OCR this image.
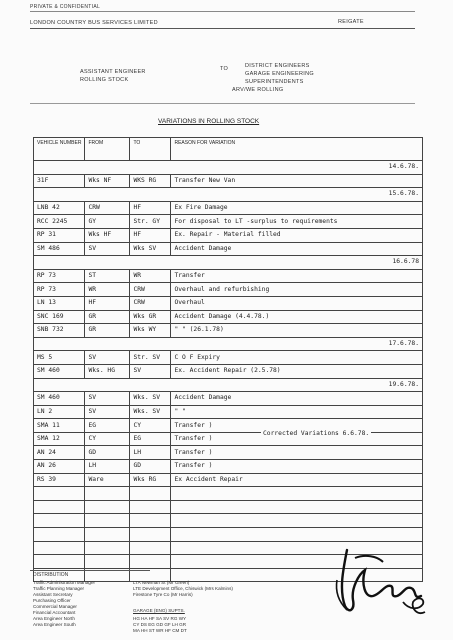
PRIVATE & CONFIDENTIAL
LONDON COUNTRY BUS SERVICES LIMITED	REIGATE
ASSISTANT ENGINEER
ROLLING STOCK
TO	DISTRICT ENGINEERS
GARAGE ENGINEERING
SUPERINTENDENTS
ARV/WE ROLLING
VARIATIONS IN ROLLING STOCK
VEHICLE NUMBER	FROM	TO	REASON FOR VARIATION
14.6.78.			
31F	Wks NF	WKS RG	Transfer New Van
15.6.78.			
LNB 42	CRW	HF	Ex Fire Damage
RCC 2245	GY	Str. GY	For disposal to LT -surplus to requirements
RP 31	Wks HF	HF	Ex. Repair - Material filled
SM 486	SV	Wks SV	Accident Damage
16.6.78			
RP 73	ST	WR	Transfer
RP 73	WR	CRW	Overhaul and refurbishing
LN 13	HF	CRW	Overhaul
SNC 169	GR	Wks GR	Accident Damage (4.4.78.)
SNB 732	GR	Wks WY	" " (26.1.78)
17.6.78.			
MS 5	SV	Str. SV	C O F Expiry
SM 460	Wks. HG	SV	Ex. Accident Repair (2.5.78)
19.6.78.			
SM 460	SV	Wks. SV	Accident Damage
LN 2	SV	Wks. SV	" "
SMA 11	EG	CY	Transfer )
SMA 12	CY	EG	Transfer )
AN 24	GD	LH	Transfer )
AN 26	LH	GD	Transfer )
RS 39	Ware	Wks RG	Ex Accident Repair

Corrected Variations 6.6.78.
DISTRIBUTION
Traffic Administration Manager
Traffic Planning Manager
Assistant Secretary
Purchasing Officer
Commercial Manager
Financial Accountant
Area Engineer North
Area Engineer South
LTA Newman St (Mr Green)
LTE Development Office, Chiswick (Mrs Kalmins)
Firestone Tyre Co (Mr Harris)
GARAGE (ENG) SUPTS.
HG HA HF SA SV RG WY
CY DS EG GD GF LH GR
MA HH ST WR HF CM DT
